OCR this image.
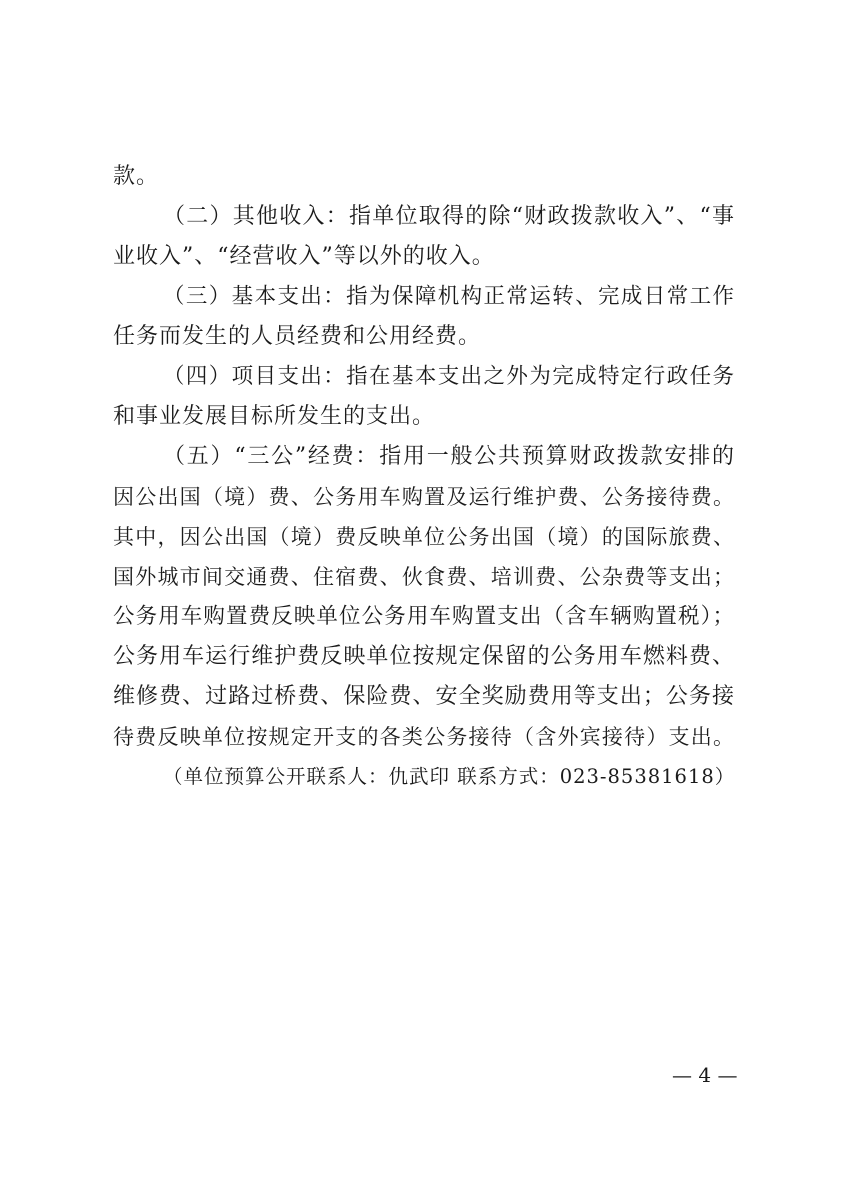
款。
（二）其他收入：指单位取得的除“财政拨款收入”、“事
业收入”、“经营收入”等以外的收入。
（三）基本支出：指为保障机构正常运转、完成日常工作
任务而发生的人员经费和公用经费。
（四）项目支出：指在基本支出之外为完成特定行政任务
和事业发展目标所发生的支出。
（五）“三公”经费：指用一般公共预算财政拨款安排的
因公出国（境）费、公务用车购置及运行维护费、公务接待费。
其中，因公出国（境）费反映单位公务出国（境）的国际旅费、
国外城市间交通费、住宿费、伙食费、培训费、公杂费等支出；
公务用车购置费反映单位公务用车购置支出（含车辆购置税）；
公务用车运行维护费反映单位按规定保留的公务用车燃料费、
维修费、过路过桥费、保险费、安全奖励费用等支出；公务接
待费反映单位按规定开支的各类公务接待（含外宾接待）支出。
（单位预算公开联系人：仇武印 联系方式：023-85381618）
— 4 —
